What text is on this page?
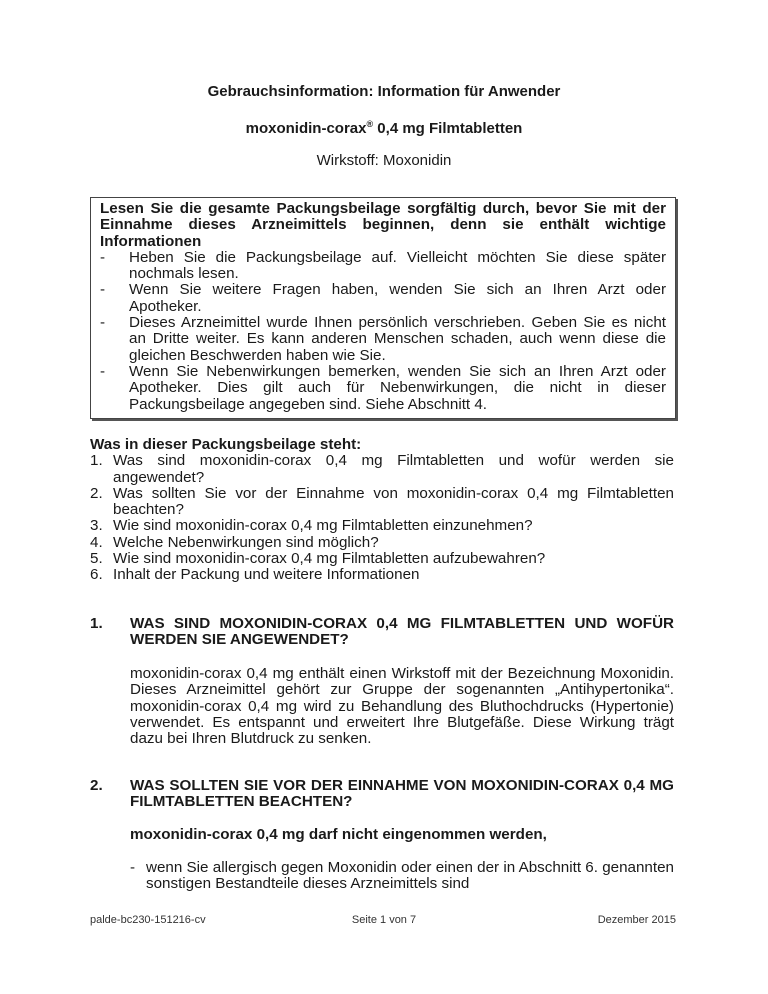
Gebrauchsinformation: Information für Anwender
moxonidin-corax® 0,4 mg Filmtabletten
Wirkstoff: Moxonidin
Lesen Sie die gesamte Packungsbeilage sorgfältig durch, bevor Sie mit der
Einnahme dieses Arzneimittels beginnen, denn sie enthält wichtige
Informationen
- Heben Sie die Packungsbeilage auf. Vielleicht möchten Sie diese später nochmals lesen.
- Wenn Sie weitere Fragen haben, wenden Sie sich an Ihren Arzt oder Apotheker.
- Dieses Arzneimittel wurde Ihnen persönlich verschrieben. Geben Sie es nicht an Dritte weiter. Es kann anderen Menschen schaden, auch wenn diese die gleichen Beschwerden haben wie Sie.
- Wenn Sie Nebenwirkungen bemerken, wenden Sie sich an Ihren Arzt oder Apotheker. Dies gilt auch für Nebenwirkungen, die nicht in dieser Packungsbeilage angegeben sind. Siehe Abschnitt 4.
Was in dieser Packungsbeilage steht:
1. Was sind moxonidin-corax 0,4 mg Filmtabletten und wofür werden sie angewendet?
2. Was sollten Sie vor der Einnahme von moxonidin-corax 0,4 mg Filmtabletten beachten?
3. Wie sind moxonidin-corax 0,4 mg Filmtabletten einzunehmen?
4. Welche Nebenwirkungen sind möglich?
5. Wie sind moxonidin-corax 0,4 mg Filmtabletten aufzubewahren?
6. Inhalt der Packung und weitere Informationen
1. WAS SIND MOXONIDIN-CORAX 0,4 MG FILMTABLETTEN UND WOFÜR WERDEN SIE ANGEWENDET?
moxonidin-corax 0,4 mg enthält einen Wirkstoff mit der Bezeichnung Moxonidin. Dieses Arzneimittel gehört zur Gruppe der sogenannten „Antihypertonika“. moxonidin-corax 0,4 mg wird zu Behandlung des Bluthochdrucks (Hypertonie) verwendet. Es entspannt und erweitert Ihre Blutgefäße. Diese Wirkung trägt dazu bei Ihren Blutdruck zu senken.
2. WAS SOLLTEN SIE VOR DER EINNAHME VON MOXONIDIN-CORAX 0,4 MG FILMTABLETTEN BEACHTEN?
moxonidin-corax 0,4 mg darf nicht eingenommen werden,
- wenn Sie allergisch gegen Moxonidin oder einen der in Abschnitt 6. genannten sonstigen Bestandteile dieses Arzneimittels sind
palde-bc230-151216-cv	Seite 1 von 7	Dezember 2015
